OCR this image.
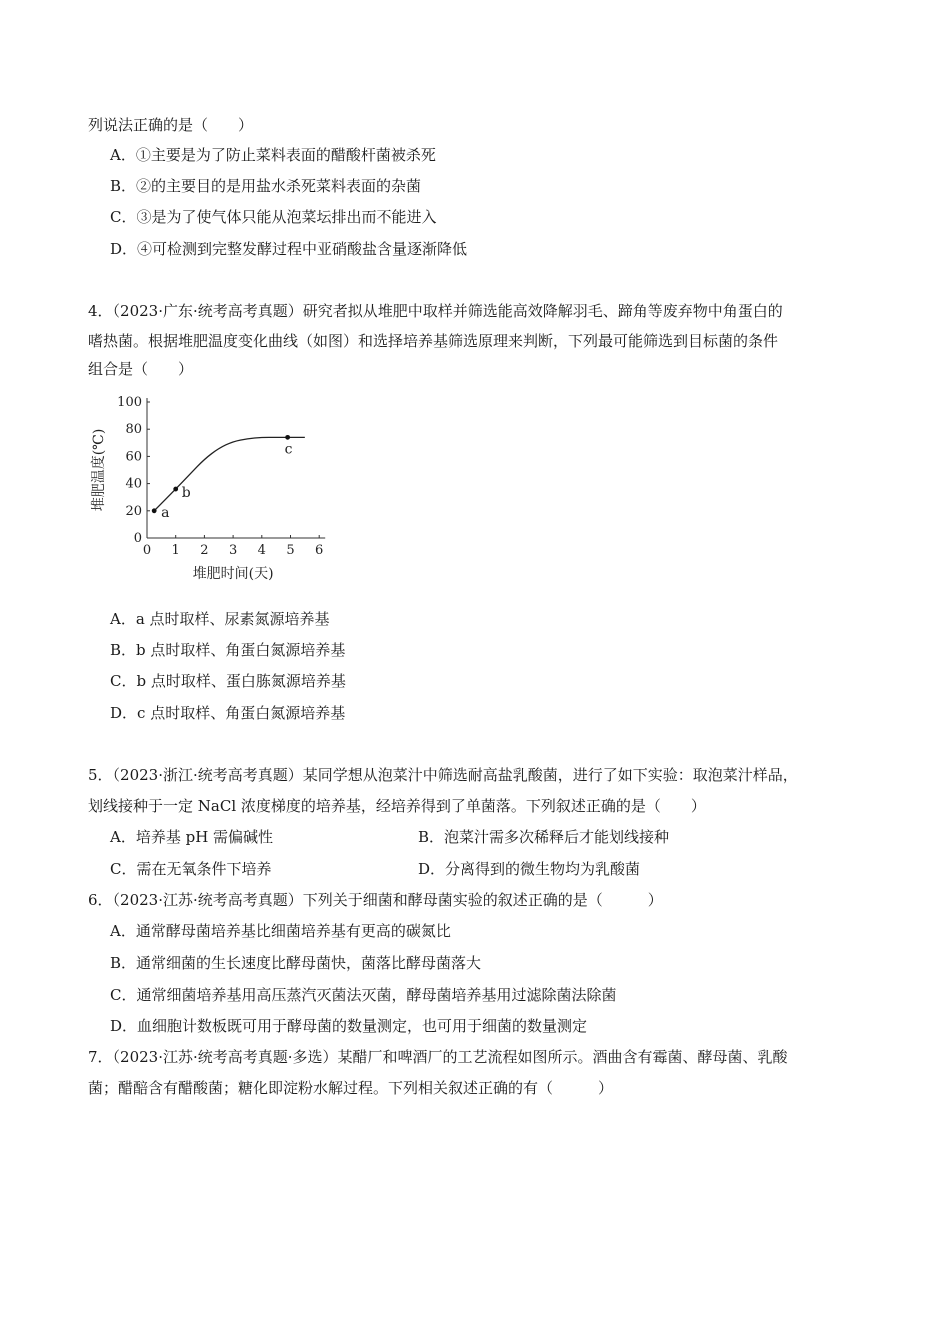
列说法正确的是（　　）
A．①主要是为了防止菜料表面的醋酸杆菌被杀死
B．②的主要目的是用盐水杀死菜料表面的杂菌
C．③是为了使气体只能从泡菜坛排出而不能进入
D．④可检测到完整发酵过程中亚硝酸盐含量逐渐降低
4．（2023·广东·统考高考真题）研究者拟从堆肥中取样并筛选能高效降解羽毛、蹄角等废弃物中角蛋白的
嗜热菌。根据堆肥温度变化曲线（如图）和选择培养基筛选原理来判断，下列最可能筛选到目标菌的条件
组合是（　　）
A．a 点时取样、尿素氮源培养基
B．b 点时取样、角蛋白氮源培养基
C．b 点时取样、蛋白胨氮源培养基
D．c 点时取样、角蛋白氮源培养基
5．（2023·浙江·统考高考真题）某同学想从泡菜汁中筛选耐高盐乳酸菌，进行了如下实验：取泡菜汁样品，
划线接种于一定 NaCl 浓度梯度的培养基，经培养得到了单菌落。下列叙述正确的是（　　）
A．培养基 pH 需偏碱性	B．泡菜汁需多次稀释后才能划线接种
C．需在无氧条件下培养	D．分离得到的微生物均为乳酸菌
6．（2023·江苏·统考高考真题）下列关于细菌和酵母菌实验的叙述正确的是（　　　）
A．通常酵母菌培养基比细菌培养基有更高的碳氮比
B．通常细菌的生长速度比酵母菌快，菌落比酵母菌落大
C．通常细菌培养基用高压蒸汽灭菌法灭菌，酵母菌培养基用过滤除菌法除菌
D．血细胞计数板既可用于酵母菌的数量测定，也可用于细菌的数量测定
7．（2023·江苏·统考高考真题·多选）某醋厂和啤酒厂的工艺流程如图所示。酒曲含有霉菌、酵母菌、乳酸
菌；醋醅含有醋酸菌；糖化即淀粉水解过程。下列相关叙述正确的有（　　　）
0 1 2 3 4 5 6
0
20
40
60
80
100
堆肥时间(天)
堆肥温度(℃)
a
b
c
